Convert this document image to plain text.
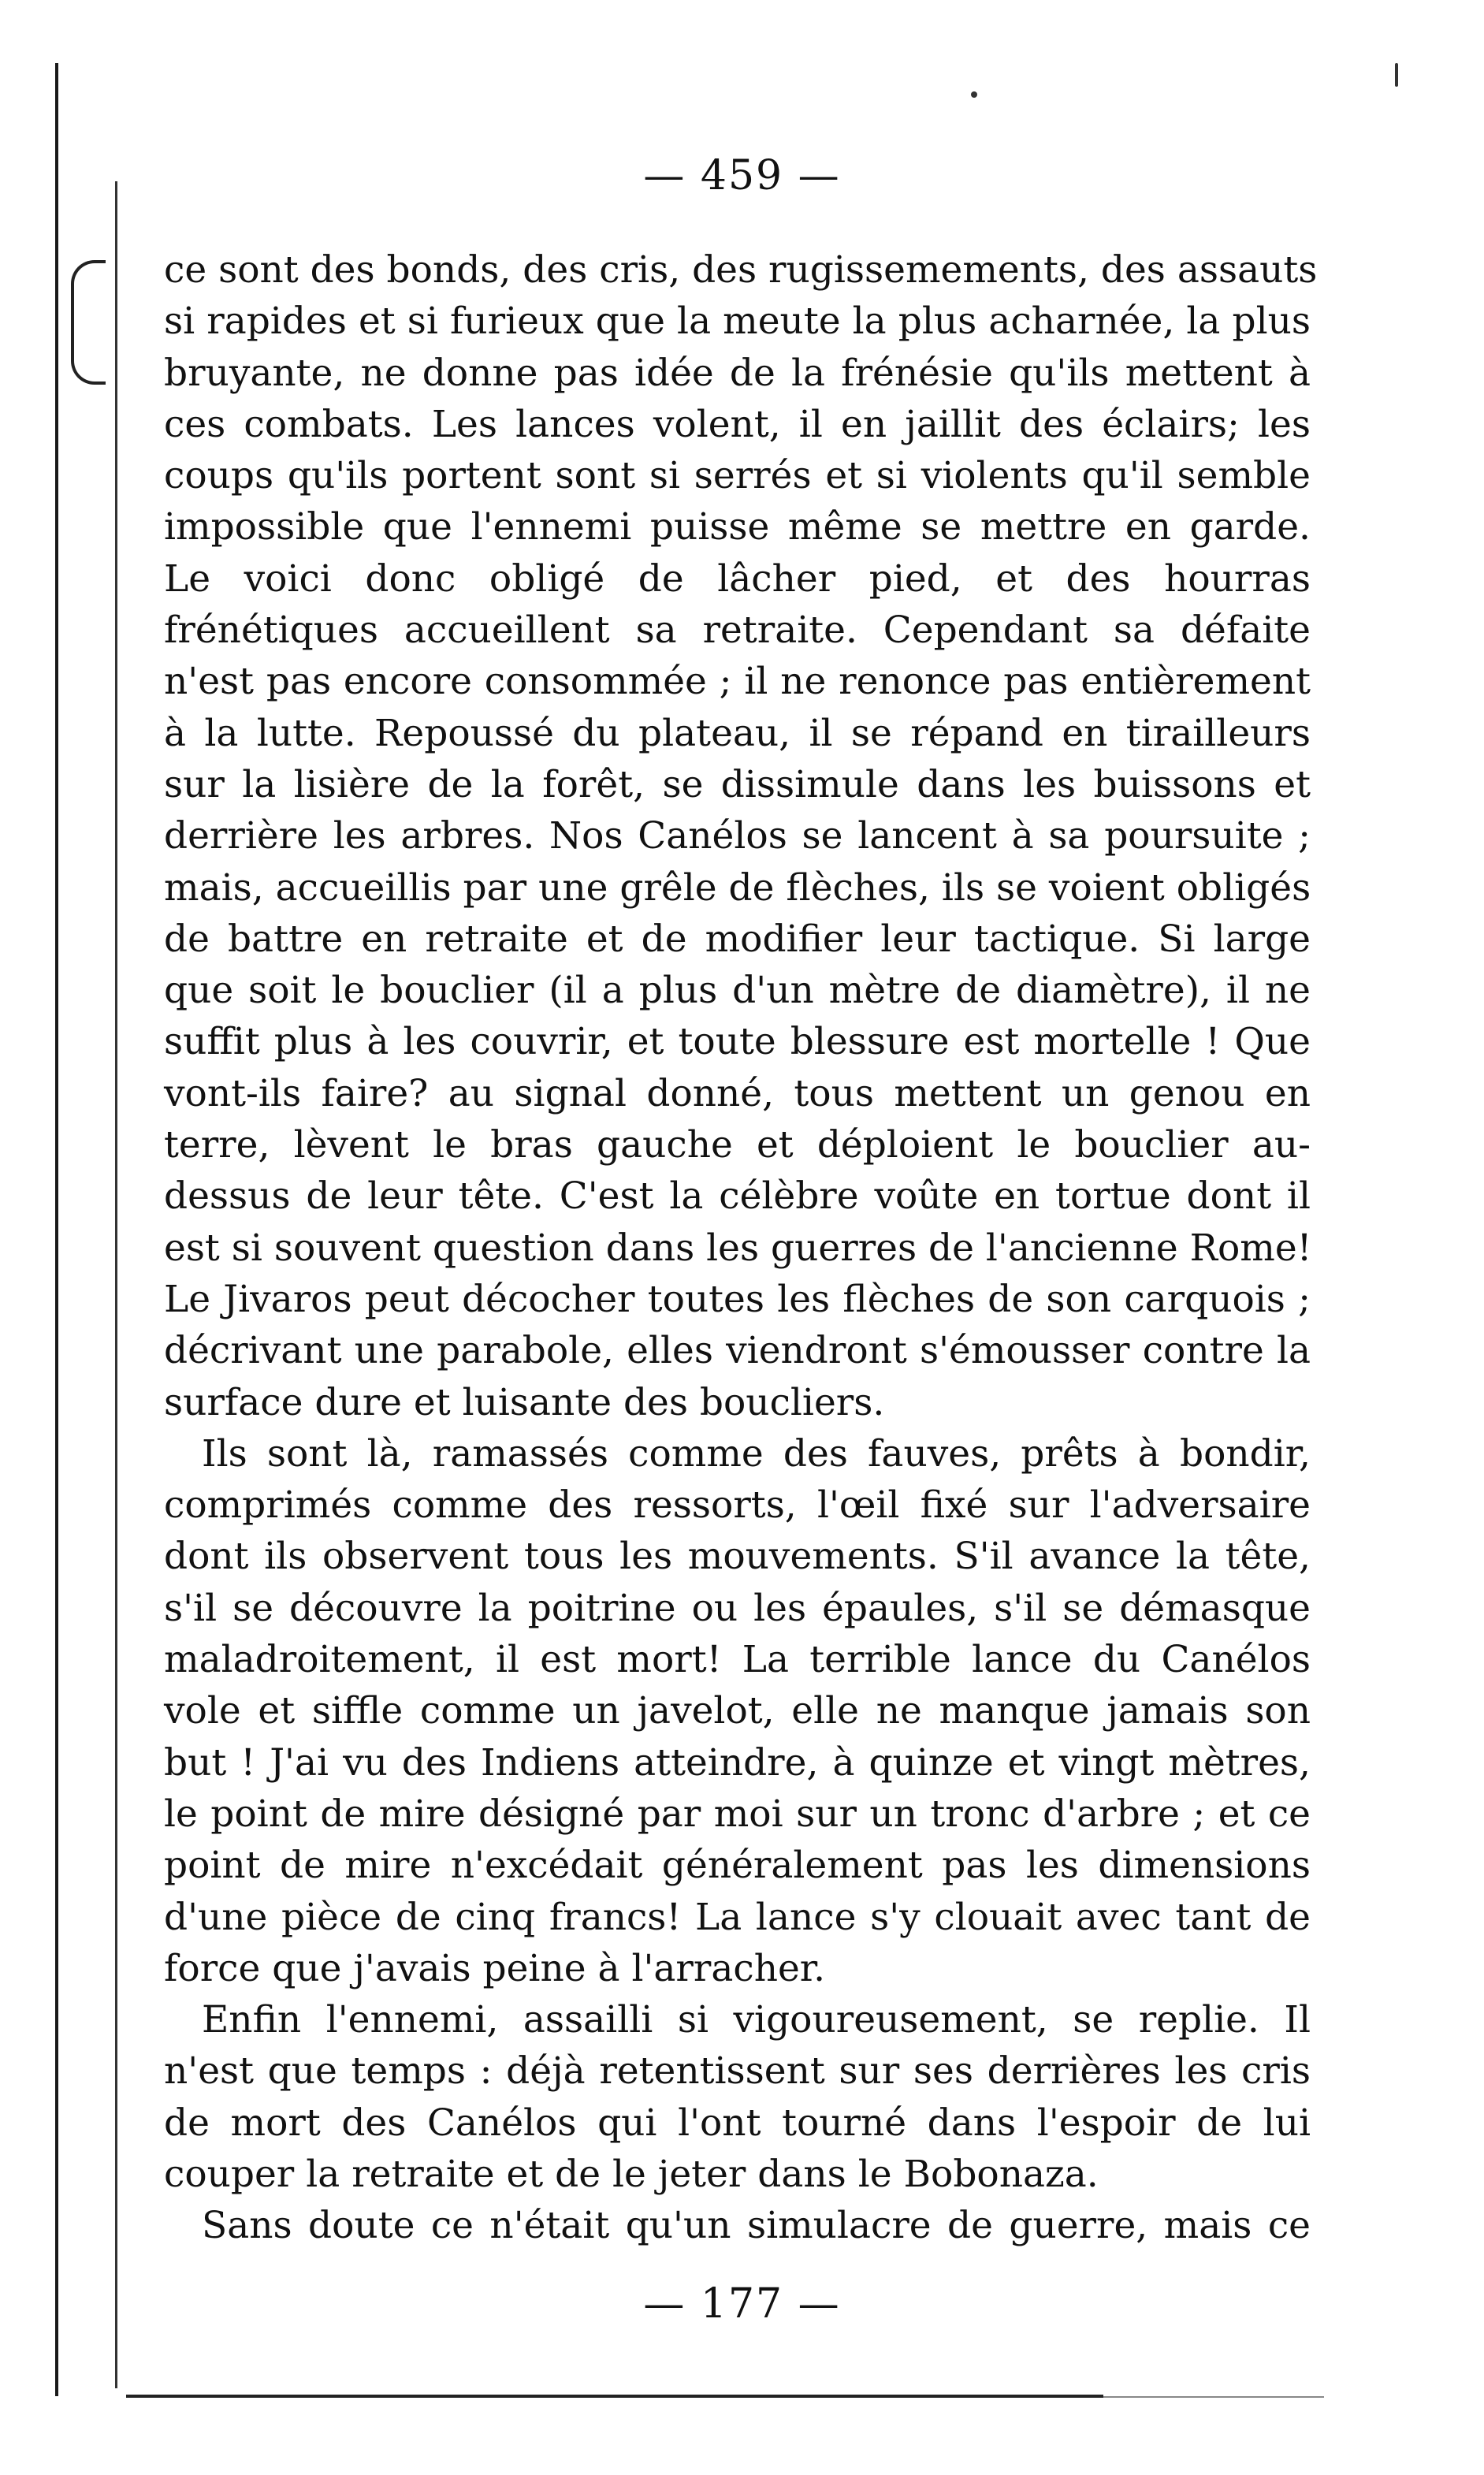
— 459 —

ce sont des bonds, des cris, des rugissemements, des assauts
si rapides et si furieux que la meute la plus acharnée, la plus
bruyante, ne donne pas idée de la frénésie qu'ils mettent à
ces combats. Les lances volent, il en jaillit des éclairs; les
coups qu'ils portent sont si serrés et si violents qu'il semble
impossible que l'ennemi puisse même se mettre en garde.
Le voici donc obligé de lâcher pied, et des hourras
frénétiques accueillent sa retraite. Cependant sa défaite
n'est pas encore consommée ; il ne renonce pas entièrement
à la lutte. Repoussé du plateau, il se répand en tirailleurs
sur la lisière de la forêt, se dissimule dans les buissons et
derrière les arbres. Nos Canélos se lancent à sa poursuite ;
mais, accueillis par une grêle de flèches, ils se voient obligés
de battre en retraite et de modifier leur tactique. Si large
que soit le bouclier (il a plus d'un mètre de diamètre), il ne
suffit plus à les couvrir, et toute blessure est mortelle ! Que
vont-ils faire? au signal donné, tous mettent un genou en
terre, lèvent le bras gauche et déploient le bouclier au-
dessus de leur tête. C'est la célèbre voûte en tortue dont il
est si souvent question dans les guerres de l'ancienne Rome!
Le Jivaros peut décocher toutes les flèches de son carquois ;
décrivant une parabole, elles viendront s'émousser contre la
surface dure et luisante des boucliers.

Ils sont là, ramassés comme des fauves, prêts à bondir,
comprimés comme des ressorts, l'œil fixé sur l'adversaire
dont ils observent tous les mouvements. S'il avance la tête,
s'il se découvre la poitrine ou les épaules, s'il se démasque
maladroitement, il est mort! La terrible lance du Canélos
vole et siffle comme un javelot, elle ne manque jamais son
but ! J'ai vu des Indiens atteindre, à quinze et vingt mètres,
le point de mire désigné par moi sur un tronc d'arbre ; et ce
point de mire n'excédait généralement pas les dimensions
d'une pièce de cinq francs! La lance s'y clouait avec tant de
force que j'avais peine à l'arracher.

Enfin l'ennemi, assailli si vigoureusement, se replie. Il
n'est que temps : déjà retentissent sur ses derrières les cris
de mort des Canélos qui l'ont tourné dans l'espoir de lui
couper la retraite et de le jeter dans le Bobonaza.

Sans doute ce n'était qu'un simulacre de guerre, mais ce

— 177 —
